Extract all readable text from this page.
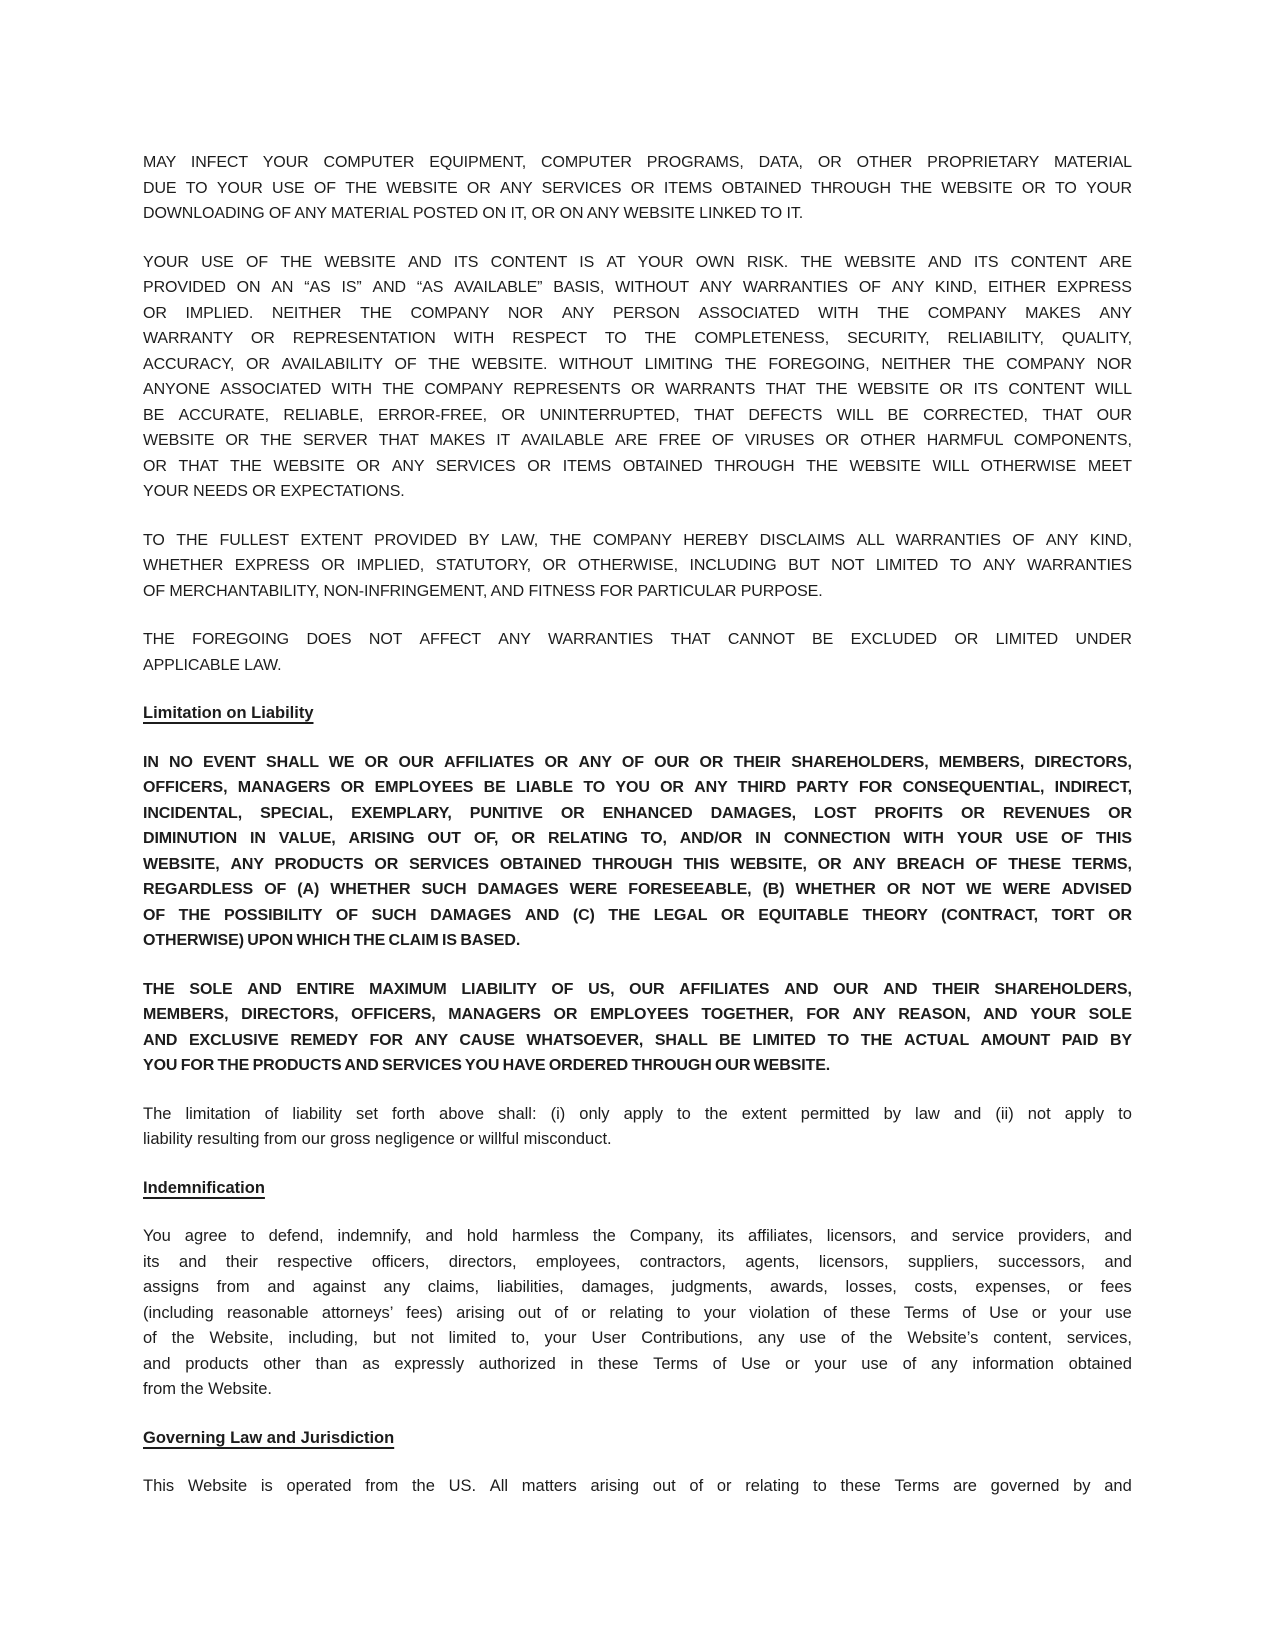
MAY INFECT YOUR COMPUTER EQUIPMENT, COMPUTER PROGRAMS, DATA, OR OTHER PROPRIETARY MATERIAL
DUE TO YOUR USE OF THE WEBSITE OR ANY SERVICES OR ITEMS OBTAINED THROUGH THE WEBSITE OR TO YOUR
DOWNLOADING OF ANY MATERIAL POSTED ON IT, OR ON ANY WEBSITE LINKED TO IT.
YOUR USE OF THE WEBSITE AND ITS CONTENT IS AT YOUR OWN RISK. THE WEBSITE AND ITS CONTENT ARE
PROVIDED ON AN “AS IS” AND “AS AVAILABLE” BASIS, WITHOUT ANY WARRANTIES OF ANY KIND, EITHER EXPRESS
OR IMPLIED. NEITHER THE COMPANY NOR ANY PERSON ASSOCIATED WITH THE COMPANY MAKES ANY
WARRANTY OR REPRESENTATION WITH RESPECT TO THE COMPLETENESS, SECURITY, RELIABILITY, QUALITY,
ACCURACY, OR AVAILABILITY OF THE WEBSITE. WITHOUT LIMITING THE FOREGOING, NEITHER THE COMPANY NOR
ANYONE ASSOCIATED WITH THE COMPANY REPRESENTS OR WARRANTS THAT THE WEBSITE OR ITS CONTENT WILL
BE ACCURATE, RELIABLE, ERROR-FREE, OR UNINTERRUPTED, THAT DEFECTS WILL BE CORRECTED, THAT OUR
WEBSITE OR THE SERVER THAT MAKES IT AVAILABLE ARE FREE OF VIRUSES OR OTHER HARMFUL COMPONENTS,
OR THAT THE WEBSITE OR ANY SERVICES OR ITEMS OBTAINED THROUGH THE WEBSITE WILL OTHERWISE MEET
YOUR NEEDS OR EXPECTATIONS.
TO THE FULLEST EXTENT PROVIDED BY LAW, THE COMPANY HEREBY DISCLAIMS ALL WARRANTIES OF ANY KIND,
WHETHER EXPRESS OR IMPLIED, STATUTORY, OR OTHERWISE, INCLUDING BUT NOT LIMITED TO ANY WARRANTIES
OF MERCHANTABILITY, NON-INFRINGEMENT, AND FITNESS FOR PARTICULAR PURPOSE.
THE FOREGOING DOES NOT AFFECT ANY WARRANTIES THAT CANNOT BE EXCLUDED OR LIMITED UNDER
APPLICABLE LAW.
Limitation on Liability
IN NO EVENT SHALL WE OR OUR AFFILIATES OR ANY OF OUR OR THEIR SHAREHOLDERS, MEMBERS, DIRECTORS,
OFFICERS, MANAGERS OR EMPLOYEES BE LIABLE TO YOU OR ANY THIRD PARTY FOR CONSEQUENTIAL, INDIRECT,
INCIDENTAL, SPECIAL, EXEMPLARY, PUNITIVE OR ENHANCED DAMAGES, LOST PROFITS OR REVENUES OR
DIMINUTION IN VALUE, ARISING OUT OF, OR RELATING TO, AND/OR IN CONNECTION WITH YOUR USE OF THIS
WEBSITE, ANY PRODUCTS OR SERVICES OBTAINED THROUGH THIS WEBSITE, OR ANY BREACH OF THESE TERMS,
REGARDLESS OF (A) WHETHER SUCH DAMAGES WERE FORESEEABLE, (B) WHETHER OR NOT WE WERE ADVISED
OF THE POSSIBILITY OF SUCH DAMAGES AND (C) THE LEGAL OR EQUITABLE THEORY (CONTRACT, TORT OR
OTHERWISE) UPON WHICH THE CLAIM IS BASED.
THE SOLE AND ENTIRE MAXIMUM LIABILITY OF US, OUR AFFILIATES AND OUR AND THEIR SHAREHOLDERS,
MEMBERS, DIRECTORS, OFFICERS, MANAGERS OR EMPLOYEES TOGETHER, FOR ANY REASON, AND YOUR SOLE
AND EXCLUSIVE REMEDY FOR ANY CAUSE WHATSOEVER, SHALL BE LIMITED TO THE ACTUAL AMOUNT PAID BY
YOU FOR THE PRODUCTS AND SERVICES YOU HAVE ORDERED THROUGH OUR WEBSITE.
The limitation of liability set forth above shall: (i) only apply to the extent permitted by law and (ii) not apply to
liability resulting from our gross negligence or willful misconduct.
Indemnification
You agree to defend, indemnify, and hold harmless the Company, its affiliates, licensors, and service providers, and
its and their respective officers, directors, employees, contractors, agents, licensors, suppliers, successors, and
assigns from and against any claims, liabilities, damages, judgments, awards, losses, costs, expenses, or fees
(including reasonable attorneys’ fees) arising out of or relating to your violation of these Terms of Use or your use
of the Website, including, but not limited to, your User Contributions, any use of the Website’s content, services,
and products other than as expressly authorized in these Terms of Use or your use of any information obtained
from the Website.
Governing Law and Jurisdiction
This Website is operated from the US. All matters arising out of or relating to these Terms are governed by and
